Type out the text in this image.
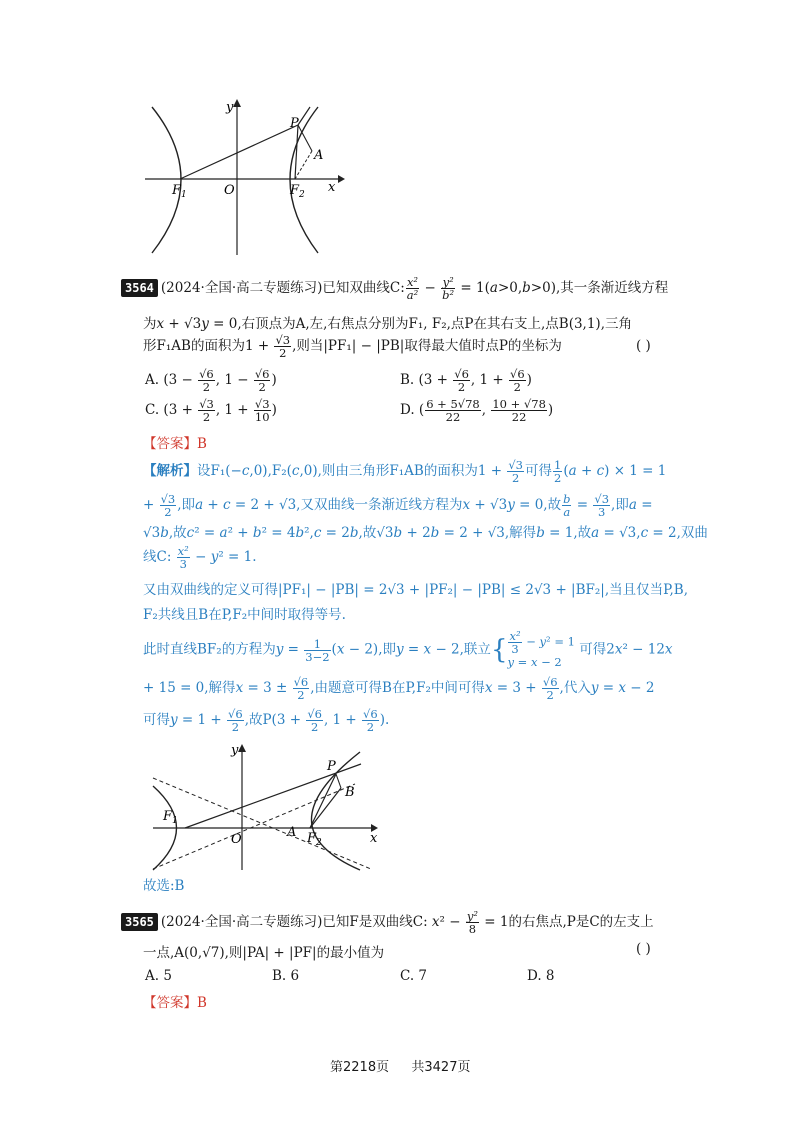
y
x
P
A
F 1	F 2
O
3564 (2024·全国·高二专题练习)已知双曲线C: $\frac{\text{x²}}{\text{a²}} - \frac{\text{y²}}{\text{b²}} = 1(a>0,b>0)$,其一条渐近线方程
为x + √3y = 0,右顶点为A,左,右焦点分别为F₁, F₂,点P在其右支上,点B(3,1),三角
形F₁AB的面积为$1 + \frac{√3}{2}$ ,则当|PF₁| − |PB|取得最大值时点P的坐标为	( )
A. ($3 - \frac{√6}{2}$ , $1 - \frac{√6}{2}$ )	B. ($3 + \frac{√6}{2}$ , $1 + \frac{√6}{2}$ )
C. ($3 + \frac{√3}{2}$ , $1 + \frac{√3}{10}$ )	D. ( $\frac{6 + 5√78}{22}$ , $\frac{10 + √78}{22}$ )
【答案】B
【解析】设F₁(−c,0),F₂(c,0),则由三角形F₁AB的面积为$1 + \frac{√3}{2}$ 可得 $\frac{1}{2} (a + c) \times 1 = 1$
+ $\frac{√3}{2}$ ,即a + c = 2 + √3,又双曲线一条渐近线方程为x + √3y = 0,故 $\frac{b}{a} = \frac{√3}{3}$ ,即a =
√3b,故c² = a² + b² = 4b²,c = 2b,故√3b + 2b = 2 + √3,解得b = 1,故a = √3,c = 2,双曲
线C: $\frac{\text{x²}}{3} - y^2 = 1$.
又由双曲线的定义可得|PF₁| − |PB| = 2√3 + |PF₂| − |PB| ≤ 2√3 + |BF₂|,当且仅当P,B,
F₂共线且B在P,F₂中间时取得等号.
此时直线BF₂的方程为$y = \frac{1}{3-2} (x - 2)$,即y = x − 2,联立{ $\frac{\text{x²}}{3} - y^2 = 1$
y = x − 2
可得2x² − 12x
+ 15 = 0,解得$x = 3 \pm \frac{√6}{2}$ ,由题意可得B在P,F₂中间可得$x = 3 + \frac{√6}{2}$ ,代入y = x − 2
可得$y = 1 + \frac{√6}{2}$ ,故$P(3 + \frac{√6}{2}$ , $1 + \frac{√6}{2}$ ).
y
x
P
B
F 1
F 2
O	A
故选:B
3565 (2024·全国·高二专题练习)已知F是双曲线C: $x^2 - \frac{\text{y²}}{8} = 1$的右焦点,P是C的左支上
一点,A(0,√7),则|PA| + |PF|的最小值为	( )
A. 5	B. 6	C. 7	D. 8
【答案】B
第2218页 共3427页
